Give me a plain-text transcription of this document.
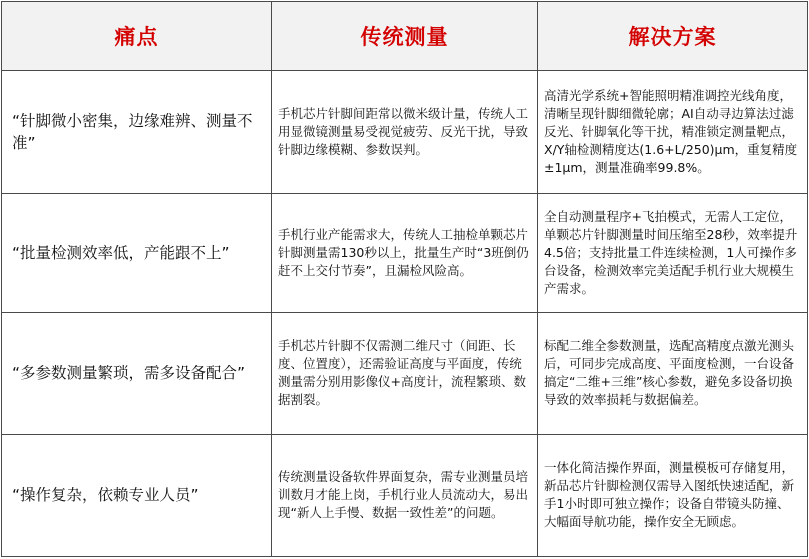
痛点	传统测量	解决方案
“针脚微小密集，边缘难辨、测量不准”	手机芯片针脚间距常以微米级计量，传统人工用显微镜测量易受视觉疲劳、反光干扰，导致针脚边缘模糊、参数误判。	高清光学系统+智能照明精准调控光线角度，清晰呈现针脚细微轮廓；AI自动寻边算法过滤反光、针脚氧化等干扰，精准锁定测量靶点，X/Y轴检测精度达(1.6+L/250)μm，重复精度±1μm，测量准确率99.8%。
“批量检测效率低，产能跟不上”	手机行业产能需求大，传统人工抽检单颗芯片针脚测量需130秒以上，批量生产时“3班倒仍赶不上交付节奏”，且漏检风险高。	全自动测量程序+飞拍模式，无需人工定位，单颗芯片针脚测量时间压缩至28秒，效率提升4.5倍；支持批量工件连续检测，1人可操作多台设备，检测效率完美适配手机行业大规模生产需求。
“多参数测量繁琐，需多设备配合”	手机芯片针脚不仅需测二维尺寸（间距、长度、位置度），还需验证高度与平面度，传统测量需分别用影像仪+高度计，流程繁琐、数据割裂。	标配二维全参数测量，选配高精度点激光测头后，可同步完成高度、平面度检测，一台设备搞定“二维+三维”核心参数，避免多设备切换导致的效率损耗与数据偏差。
“操作复杂，依赖专业人员”	传统测量设备软件界面复杂，需专业测量员培训数月才能上岗，手机行业人员流动大，易出现“新人上手慢、数据一致性差”的问题。	一体化简洁操作界面，测量模板可存储复用，新品芯片针脚检测仅需导入图纸快速适配，新手1小时即可独立操作；设备自带镜头防撞、大幅面导航功能，操作安全无顾虑。
